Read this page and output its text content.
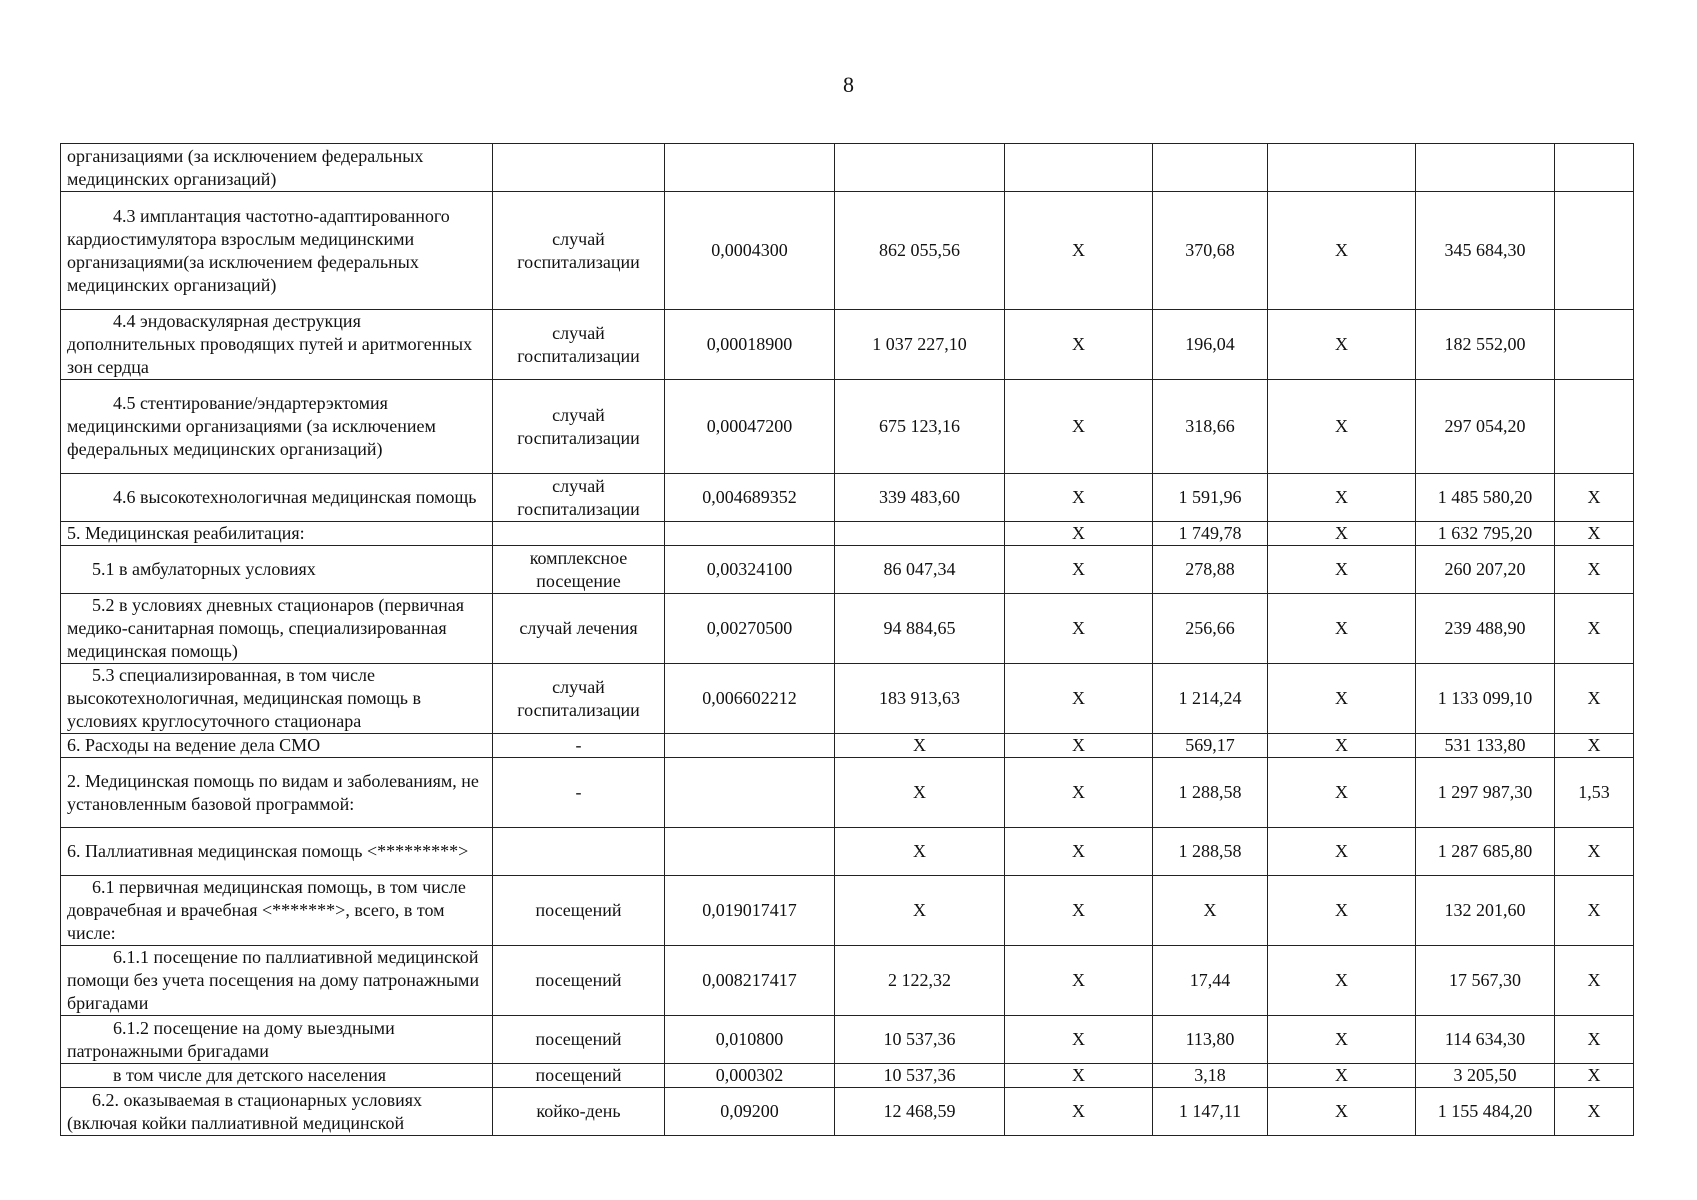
8
организациями (за исключением федеральных медицинских организаций)								
4.3 имплантация частотно-адаптированного кардиостимулятора взрослым медицинскими организациями(за исключением федеральных медицинских организаций)	случай госпитализации	0,0004300	862 055,56	Х	370,68	Х	345 684,30	
4.4 эндоваскулярная деструкция дополнительных проводящих путей и аритмогенных зон сердца	случай госпитализации	0,00018900	1 037 227,10	Х	196,04	Х	182 552,00	
4.5 стентирование/эндартерэктомия медицинскими организациями (за исключением федеральных медицинских организаций)	случай госпитализации	0,00047200	675 123,16	Х	318,66	Х	297 054,20	
4.6 высокотехнологичная медицинская помощь	случай госпитализации	0,004689352	339 483,60	Х	1 591,96	Х	1 485 580,20	Х
5. Медицинская реабилитация:				Х	1 749,78	Х	1 632 795,20	Х
5.1 в амбулаторных условиях	комплексное посещение	0,00324100	86 047,34	Х	278,88	Х	260 207,20	Х
5.2 в условиях дневных стационаров (первичная медико-санитарная помощь, специализированная медицинская помощь)	случай лечения	0,00270500	94 884,65	Х	256,66	Х	239 488,90	Х
5.3 специализированная, в том числе высокотехнологичная, медицинская помощь в условиях круглосуточного стационара	случай госпитализации	0,006602212	183 913,63	Х	1 214,24	Х	1 133 099,10	Х
6. Расходы на ведение дела СМО	-		Х	Х	569,17	Х	531 133,80	Х
2. Медицинская помощь по видам и заболеваниям, не установленным базовой программой:	-		Х	Х	1 288,58	Х	1 297 987,30	1,53
6. Паллиативная медицинская помощь <*********>			Х	Х	1 288,58	Х	1 287 685,80	Х
6.1 первичная медицинская помощь, в том числе доврачебная и врачебная <*******>, всего, в том числе:	посещений	0,019017417	Х	Х	Х	Х	132 201,60	Х
6.1.1 посещение по паллиативной медицинской помощи без учета посещения на дому патронажными бригадами	посещений	0,008217417	2 122,32	Х	17,44	Х	17 567,30	Х
6.1.2 посещение на дому выездными патронажными бригадами	посещений	0,010800	10 537,36	Х	113,80	Х	114 634,30	Х
в том числе для детского населения	посещений	0,000302	10 537,36	Х	3,18	Х	3 205,50	Х
6.2. оказываемая в стационарных условиях (включая койки паллиативной медицинской	койко-день	0,09200	12 468,59	Х	1 147,11	Х	1 155 484,20	Х
